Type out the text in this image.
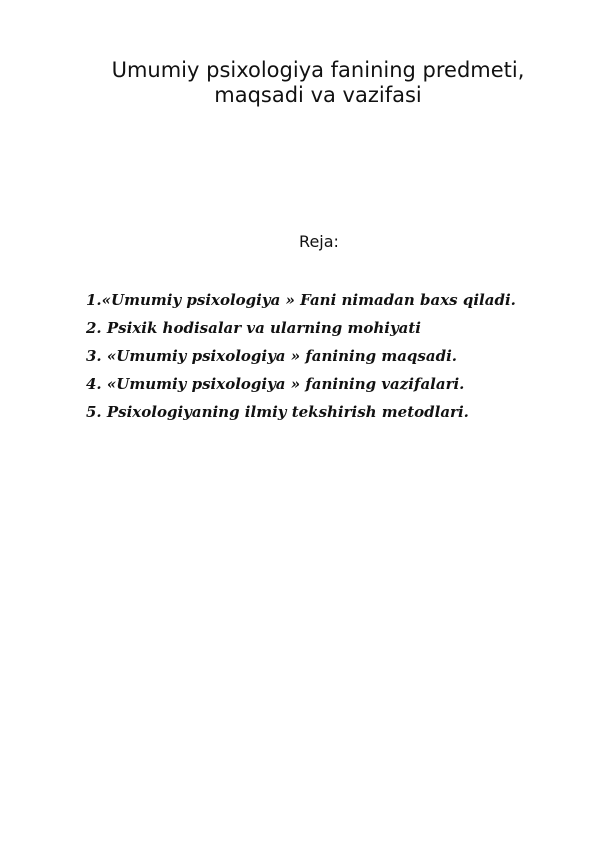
Umumiy psixologiya fanining predmeti,
maqsadi va vazifasi
Reja:
1.«Umumiy psixologiya » Fani nimadan baxs qiladi.
2. Psixik hodisalar va ularning mohiyati
3. «Umumiy psixologiya » fanining maqsadi.
4. «Umumiy psixologiya » fanining vazifalari.
5. Psixologiyaning ilmiy tekshirish metodlari.
